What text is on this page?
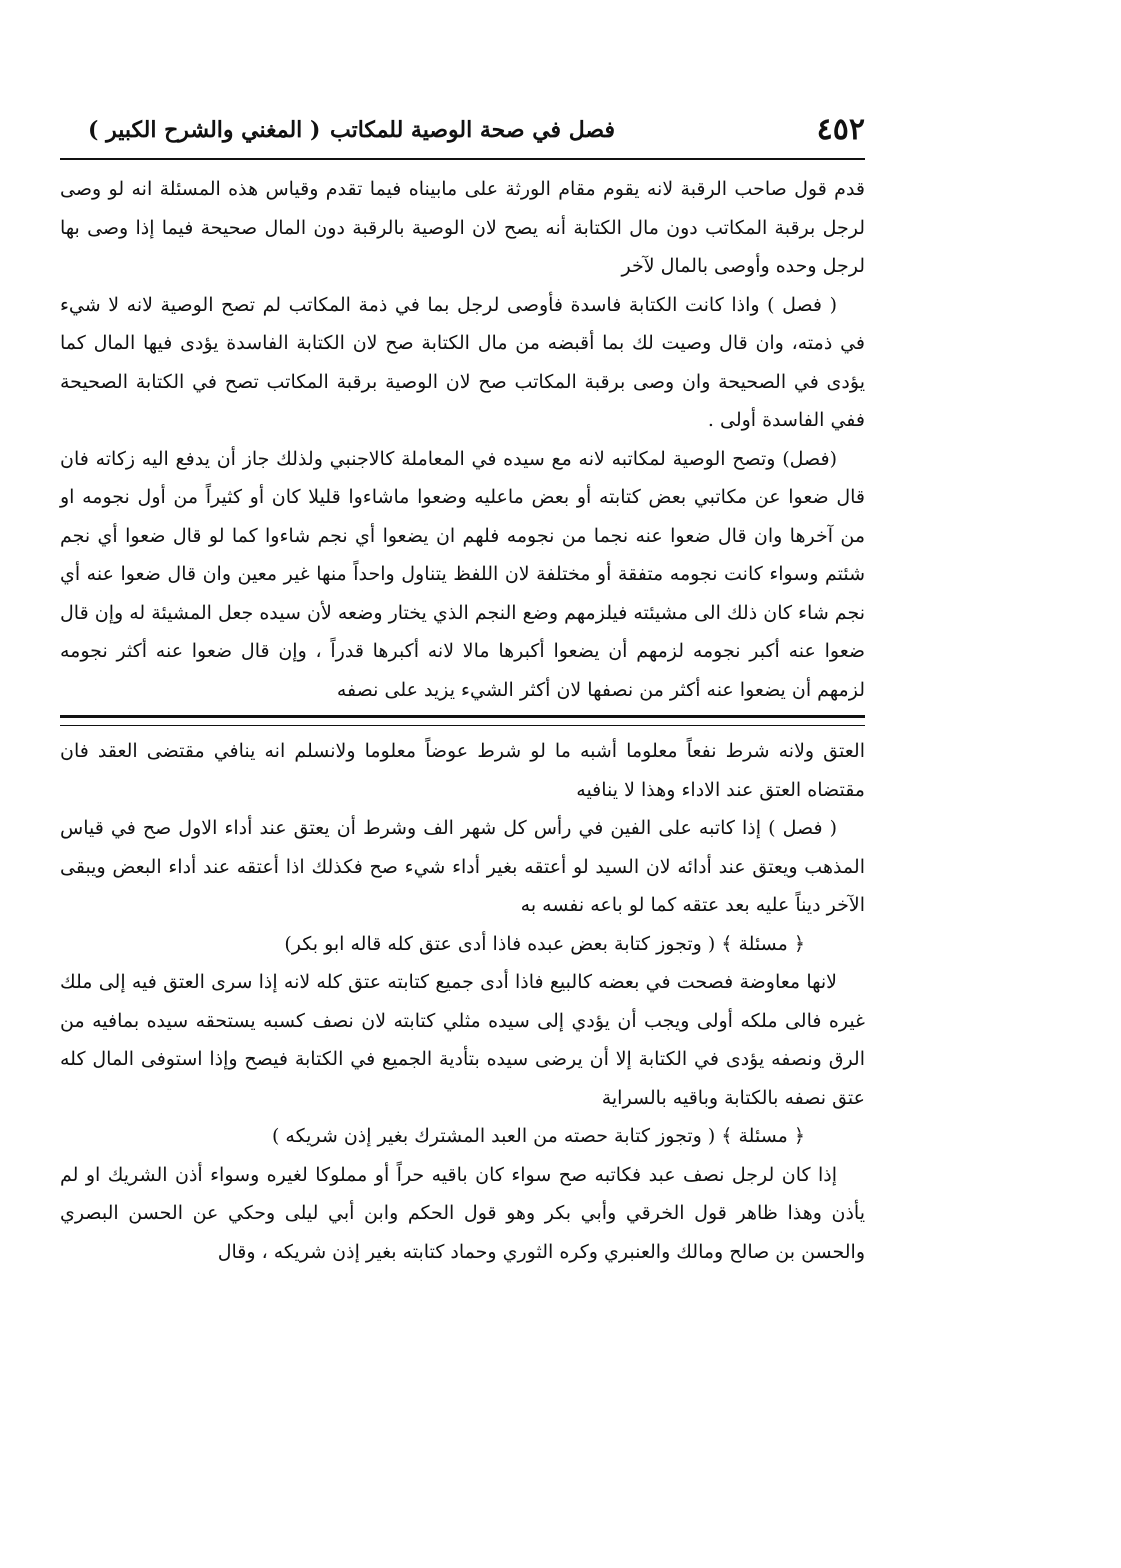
٤٥٢
فصل في صحة الوصية للمكاتب
( المغني والشرح الكبير )

قدم قول صاحب الرقبة لانه يقوم مقام الورثة على مابيناه فيما تقدم وقياس هذه المسئلة انه لو وصى لرجل برقبة المكاتب دون مال الكتابة أنه يصح لان الوصية بالرقبة دون المال صحيحة فيما إذا وصى بها لرجل وحده وأوصى بالمال لآخر

( فصل ) واذا كانت الكتابة فاسدة فأوصى لرجل بما في ذمة المكاتب لم تصح الوصية لانه لا شيء في ذمته، وان قال وصيت لك بما أقبضه من مال الكتابة صح لان الكتابة الفاسدة يؤدى فيها المال كما يؤدى في الصحيحة وان وصى برقبة المكاتب صح لان الوصية برقبة المكاتب تصح في الكتابة الصحيحة ففي الفاسدة أولى .

(فصل) وتصح الوصية لمكاتبه لانه مع سيده في المعاملة كالاجنبي ولذلك جاز أن يدفع اليه زكاته فان قال ضعوا عن مكاتبي بعض كتابته أو بعض ماعليه وضعوا ماشاءوا قليلا كان أو كثيراً من أول نجومه او من آخرها وان قال ضعوا عنه نجما من نجومه فلهم ان يضعوا أي نجم شاءوا كما لو قال ضعوا أي نجم شئتم وسواء كانت نجومه متفقة أو مختلفة لان اللفظ يتناول واحداً منها غير معين وان قال ضعوا عنه أي نجم شاء كان ذلك الى مشيئته فيلزمهم وضع النجم الذي يختار وضعه لأن سيده جعل المشيئة له وإن قال ضعوا عنه أكبر نجومه لزمهم أن يضعوا أكبرها مالا لانه أكبرها قدراً ، وإن قال ضعوا عنه أكثر نجومه لزمهم أن يضعوا عنه أكثر من نصفها لان أكثر الشيء يزيد على نصفه

العتق ولانه شرط نفعاً معلوما أشبه ما لو شرط عوضاً معلوما ولانسلم انه ينافي مقتضى العقد فان مقتضاه العتق عند الاداء وهذا لا ينافيه

( فصل ) إذا كاتبه على الفين في رأس كل شهر الف وشرط أن يعتق عند أداء الاول صح في قياس المذهب ويعتق عند أدائه لان السيد لو أعتقه بغير أداء شيء صح فكذلك اذا أعتقه عند أداء البعض ويبقى الآخر ديناً عليه بعد عتقه كما لو باعه نفسه به

﴿ مسئلة ﴾ ( وتجوز كتابة بعض عبده فاذا أدى عتق كله قاله ابو بكر)

لانها معاوضة فصحت في بعضه كالبيع فاذا أدى جميع كتابته عتق كله لانه إذا سرى العتق فيه إلى ملك غيره فالى ملكه أولى ويجب أن يؤدي إلى سيده مثلي كتابته لان نصف كسبه يستحقه سيده بمافيه من الرق ونصفه يؤدى في الكتابة إلا أن يرضى سيده بتأدية الجميع في الكتابة فيصح وإذا استوفى المال كله عتق نصفه بالكتابة وباقيه بالسراية

﴿ مسئلة ﴾ ( وتجوز كتابة حصته من العبد المشترك بغير إذن شريكه )

إذا كان لرجل نصف عبد فكاتبه صح سواء كان باقيه حراً أو مملوكا لغيره وسواء أذن الشريك او لم يأذن وهذا ظاهر قول الخرقي وأبي بكر وهو قول الحكم وابن أبي ليلى وحكي عن الحسن البصري والحسن بن صالح ومالك والعنبري وكره الثوري وحماد كتابته بغير إذن شريكه ، وقال
